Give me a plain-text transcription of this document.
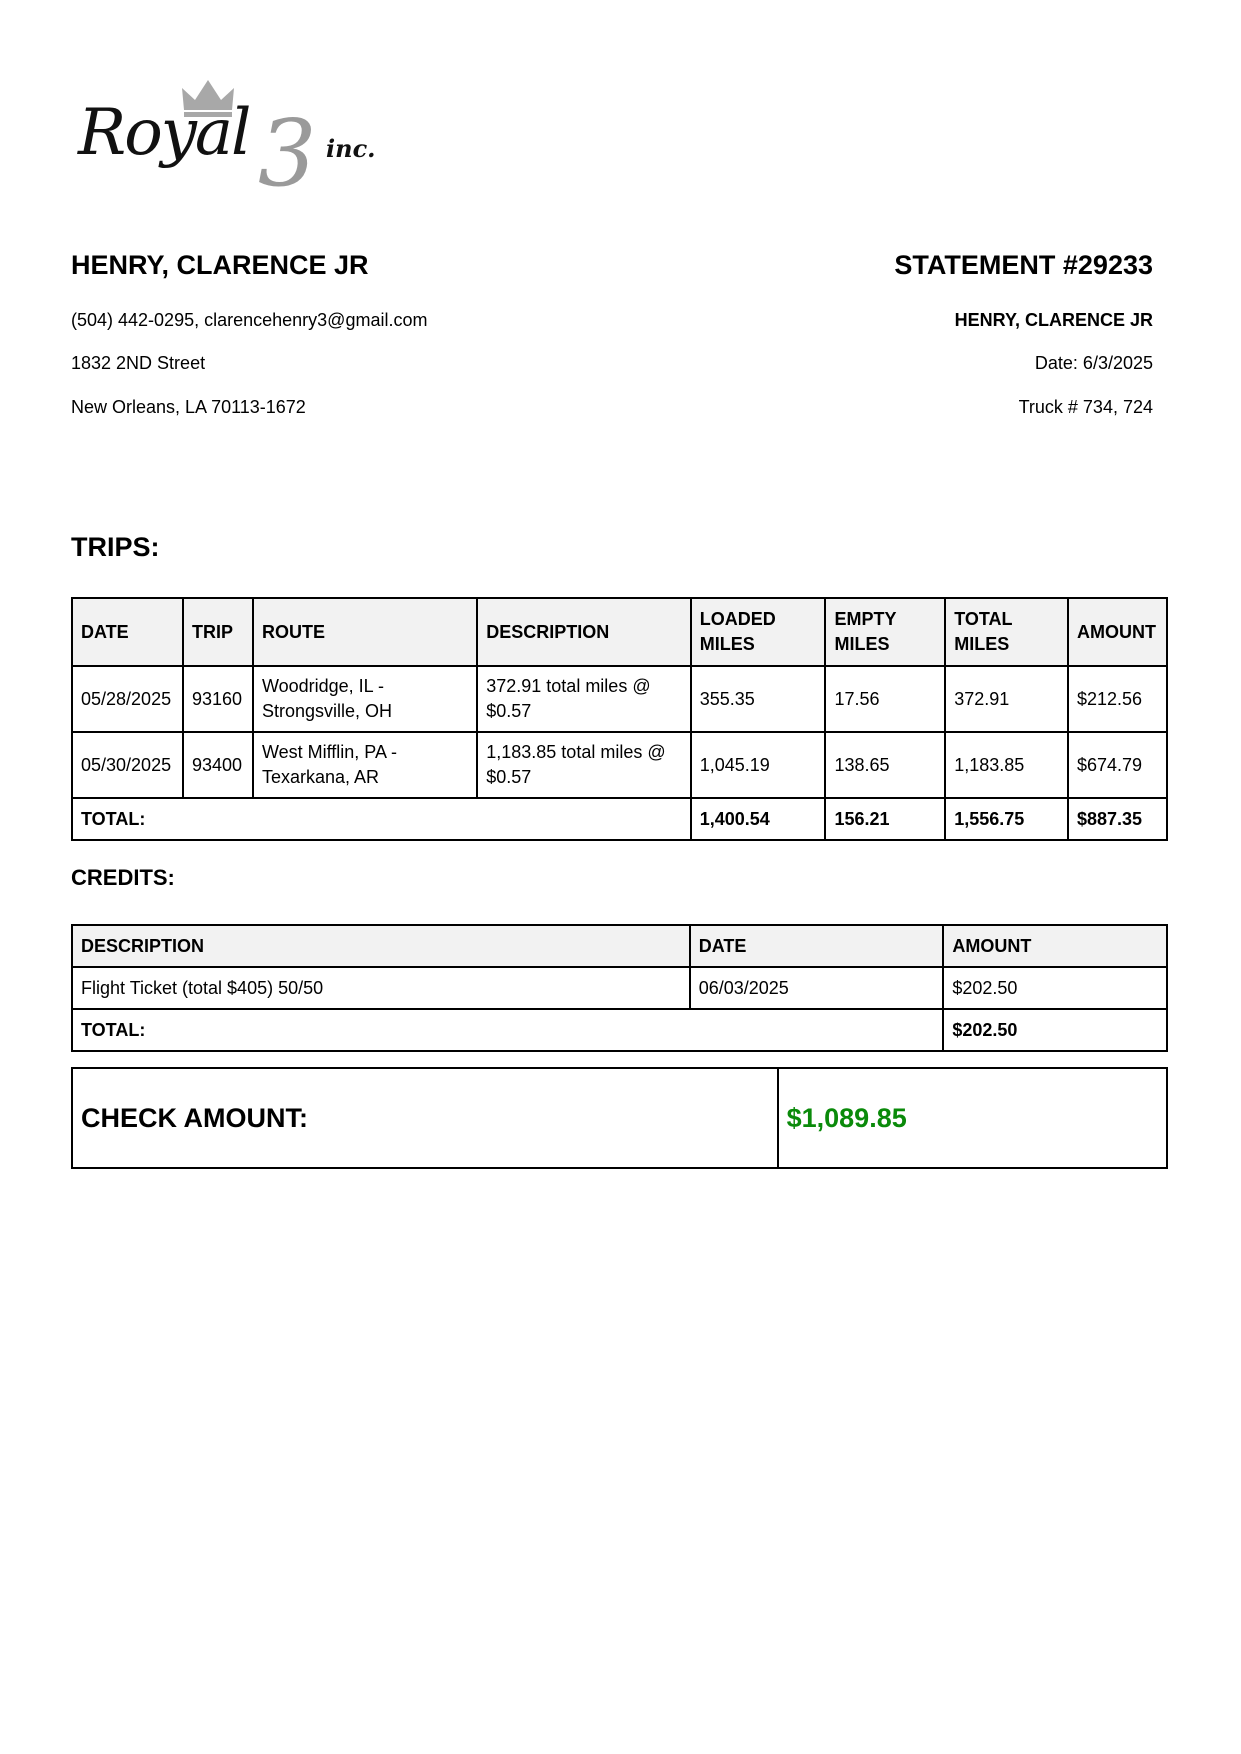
Royal 3 inc.
HENRY, CLARENCE JR	STATEMENT #29233
(504) 442-0295, clarencehenry3@gmail.com
1832 2ND Street
New Orleans, LA 70113-1672
HENRY, CLARENCE JR
Date: 6/3/2025
Truck # 734, 724
TRIPS:
DATE	TRIP	ROUTE	DESCRIPTION	LOADED MILES	EMPTY MILES	TOTAL MILES	AMOUNT
05/28/2025	93160	Woodridge, IL - Strongsville, OH	372.91 total miles @ $0.57	355.35	17.56	372.91	$212.56
05/30/2025	93400	West Mifflin, PA - Texarkana, AR	1,183.85 total miles @ $0.57	1,045.19	138.65	1,183.85	$674.79
TOTAL:				1,400.54	156.21	1,556.75	$887.35
CREDITS:
DESCRIPTION	DATE	AMOUNT
Flight Ticket (total $405) 50/50	06/03/2025	$202.50
TOTAL:		$202.50
CHECK AMOUNT:	$1,089.85
